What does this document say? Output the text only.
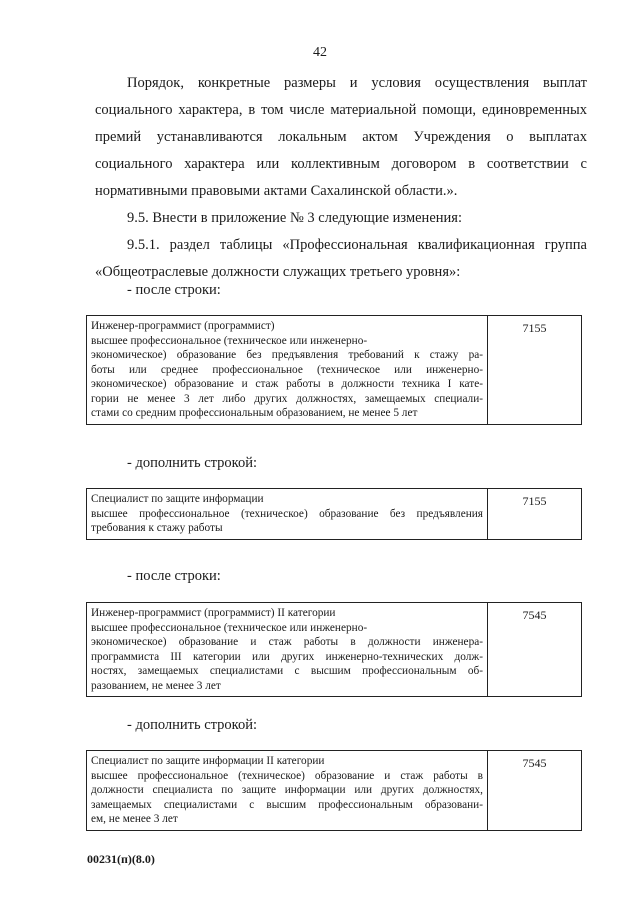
42
Порядок, конкретные размеры и условия осуществления выплат социального характера, в том числе материальной помощи, единовременных премий устанавливаются локальным актом Учреждения о выплатах социального характера или коллективным договором в соответствии с нормативными правовыми актами Сахалинской области.».
9.5. Внести в приложение № 3 следующие изменения:
9.5.1. раздел таблицы «Профессиональная квалификационная группа «Общеотраслевые должности служащих третьего уровня»:
- после строки:
Инженер-программист (программист)
высшее профессиональное (техническое или инженерно-
экономическое) образование без предъявления требований к стажу ра-
боты или среднее профессиональное (техническое или инженерно-
экономическое) образование и стаж работы в должности техника I кате-
гории не менее 3 лет либо других должностях, замещаемых специали-
стами со средним профессиональным образованием, не менее 5 лет
	7155
- дополнить строкой:
Специалист по защите информации
высшее профессиональное (техническое) образование без предъявления
требования к стажу работы
	7155
- после строки:
Инженер-программист (программист) II категории
высшее профессиональное (техническое или инженерно-
экономическое) образование и стаж работы в должности инженера-
программиста III категории или других инженерно-технических долж-
ностях, замещаемых специалистами с высшим профессиональным об-
разованием, не менее 3 лет
	7545
- дополнить строкой:
Специалист по защите информации II категории
высшее профессиональное (техническое) образование и стаж работы в
должности специалиста по защите информации или других должностях,
замещаемых специалистами с высшим профессиональным образовани-
ем, не менее 3 лет
	7545
00231(п)(8.0)
